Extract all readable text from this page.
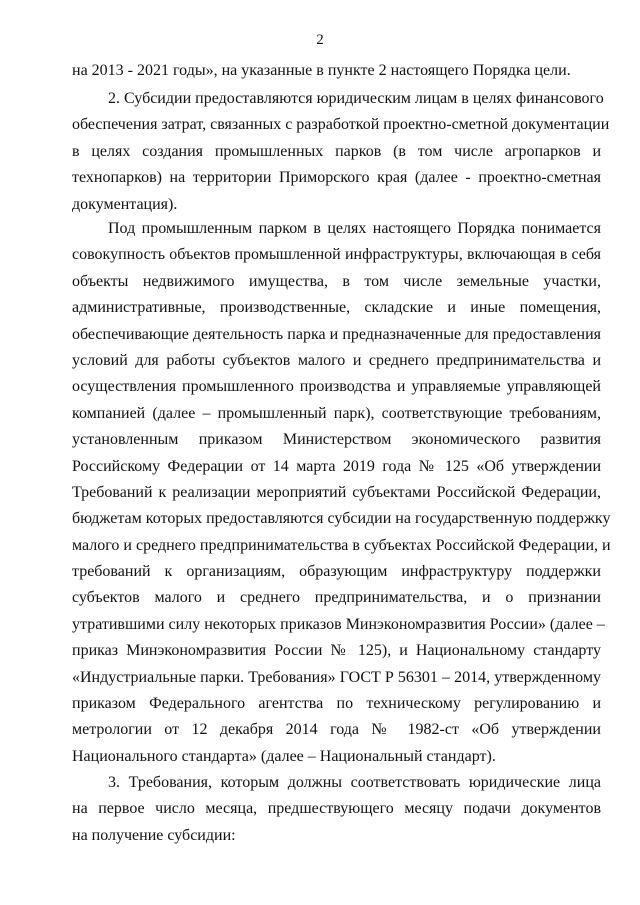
2
на 2013 - 2021 годы», на указанные в пункте 2 настоящего Порядка цели.
2. Субсидии предоставляются юридическим лицам в целях финансового
обеспечения затрат, связанных с разработкой проектно-сметной документации
в целях создания промышленных парков (в том числе агропарков и
технопарков) на территории Приморского края (далее - проектно-сметная
документация).
Под промышленным парком в целях настоящего Порядка понимается
совокупность объектов промышленной инфраструктуры, включающая в себя
объекты недвижимого имущества, в том числе земельные участки,
административные, производственные, складские и иные помещения,
обеспечивающие деятельность парка и предназначенные для предоставления
условий для работы субъектов малого и среднего предпринимательства и
осуществления промышленного производства и управляемые управляющей
компанией (далее – промышленный парк), соответствующие требованиям,
установленным приказом Министерством экономического развития
Российскому Федерации от 14 марта 2019 года № 125 «Об утверждении
Требований к реализации мероприятий субъектами Российской Федерации,
бюджетам которых предоставляются субсидии на государственную поддержку
малого и среднего предпринимательства в субъектах Российской Федерации, и
требований к организациям, образующим инфраструктуру поддержки
субъектов малого и среднего предпринимательства, и о признании
утратившими силу некоторых приказов Минэкономразвития России» (далее –
приказ Минэкономразвития России № 125), и Национальному стандарту
«Индустриальные парки. Требования» ГОСТ Р 56301 – 2014, утвержденному
приказом Федерального агентства по техническому регулированию и
метрологии от 12 декабря 2014 года № 1982-ст «Об утверждении
Национального стандарта» (далее – Национальный стандарт).
3. Требования, которым должны соответствовать юридические лица
на первое число месяца, предшествующего месяцу подачи документов
на получение субсидии:
